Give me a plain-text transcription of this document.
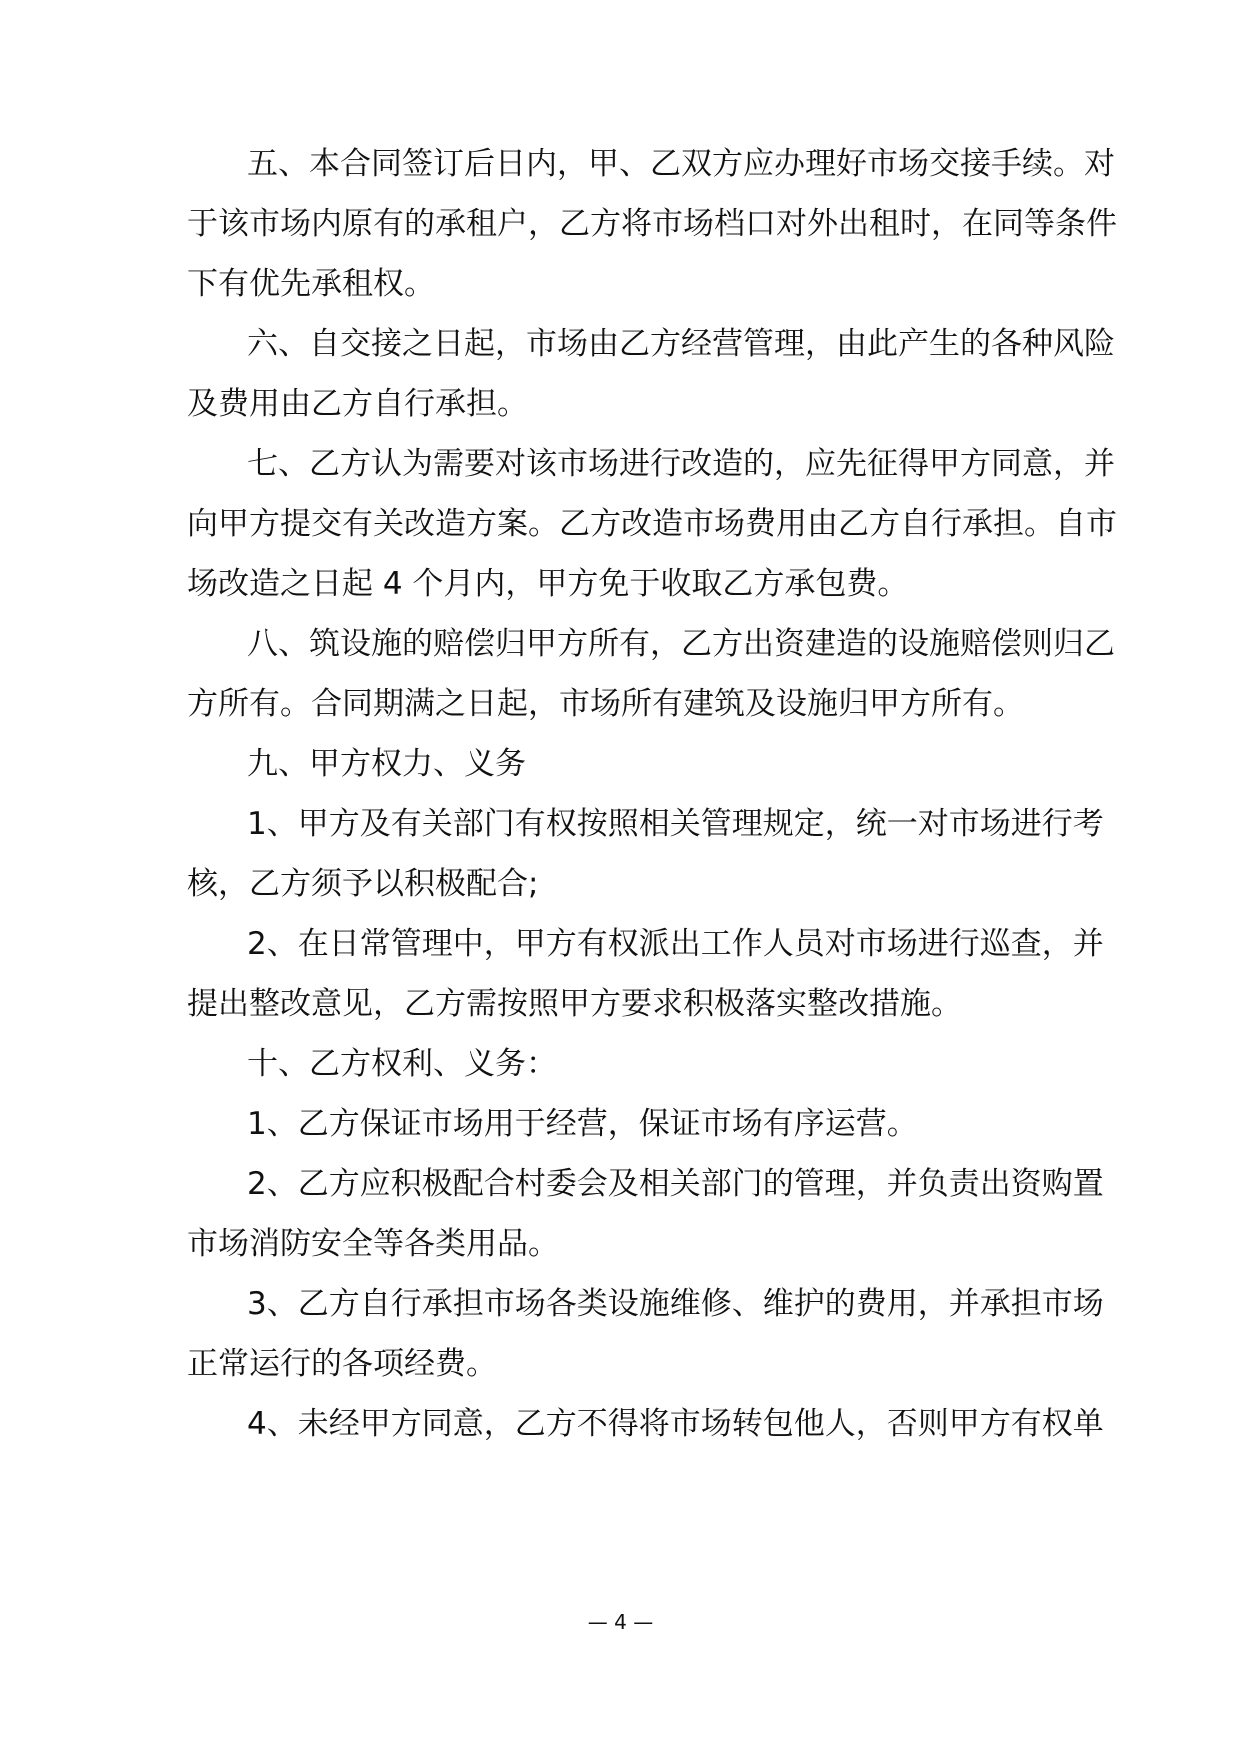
五、本合同签订后日内，甲、乙双方应办理好市场交接手续。对
于该市场内原有的承租户，乙方将市场档口对外出租时，在同等条件
下有优先承租权。
六、自交接之日起，市场由乙方经营管理，由此产生的各种风险
及费用由乙方自行承担。
七、乙方认为需要对该市场进行改造的，应先征得甲方同意，并
向甲方提交有关改造方案。乙方改造市场费用由乙方自行承担。自市
场改造之日起 4 个月内，甲方免于收取乙方承包费。
八、筑设施的赔偿归甲方所有，乙方出资建造的设施赔偿则归乙
方所有。合同期满之日起，市场所有建筑及设施归甲方所有。
九、甲方权力、义务
1、甲方及有关部门有权按照相关管理规定，统一对市场进行考
核，乙方须予以积极配合;
2、在日常管理中，甲方有权派出工作人员对市场进行巡查，并
提出整改意见，乙方需按照甲方要求积极落实整改措施。
十、乙方权利、义务：
1、乙方保证市场用于经营，保证市场有序运营。
2、乙方应积极配合村委会及相关部门的管理，并负责出资购置
市场消防安全等各类用品。
3、乙方自行承担市场各类设施维修、维护的费用，并承担市场
正常运行的各项经费。
4、未经甲方同意，乙方不得将市场转包他人，否则甲方有权单
— 4 —
